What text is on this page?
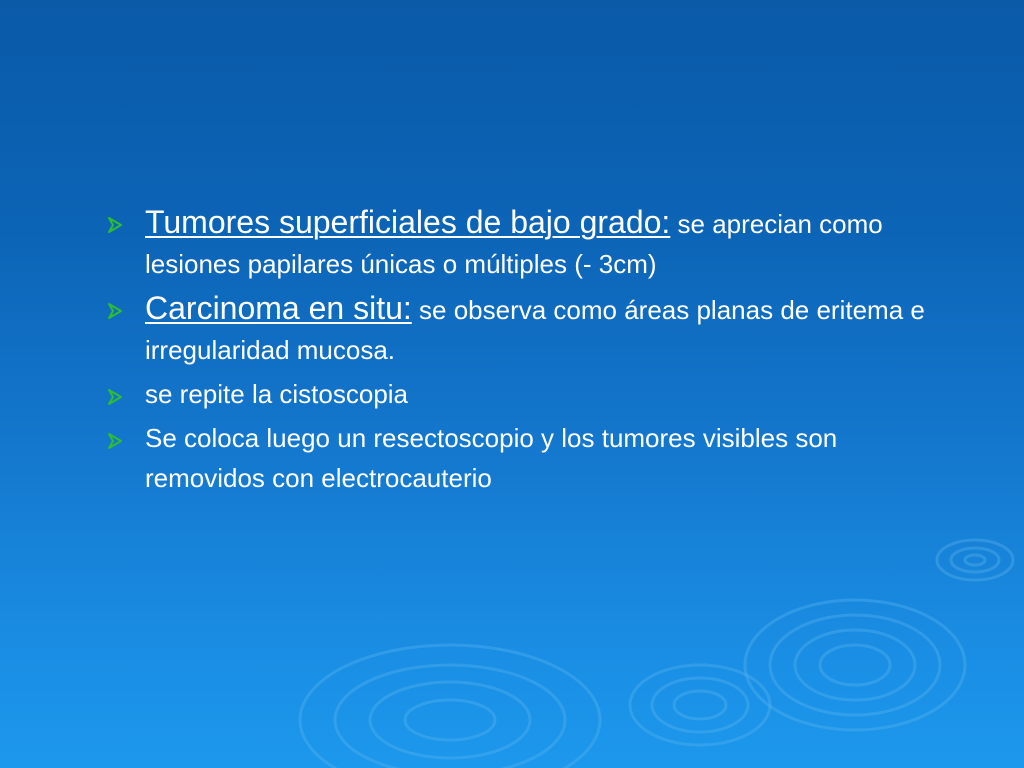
Tumores superficiales de bajo grado: se aprecian como lesiones papilares únicas o múltiples (- 3cm)
Carcinoma en situ: se observa como áreas planas de eritema e irregularidad mucosa.
se repite la cistoscopia
Se coloca luego un resectoscopio y los tumores visibles son removidos con electrocauterio
